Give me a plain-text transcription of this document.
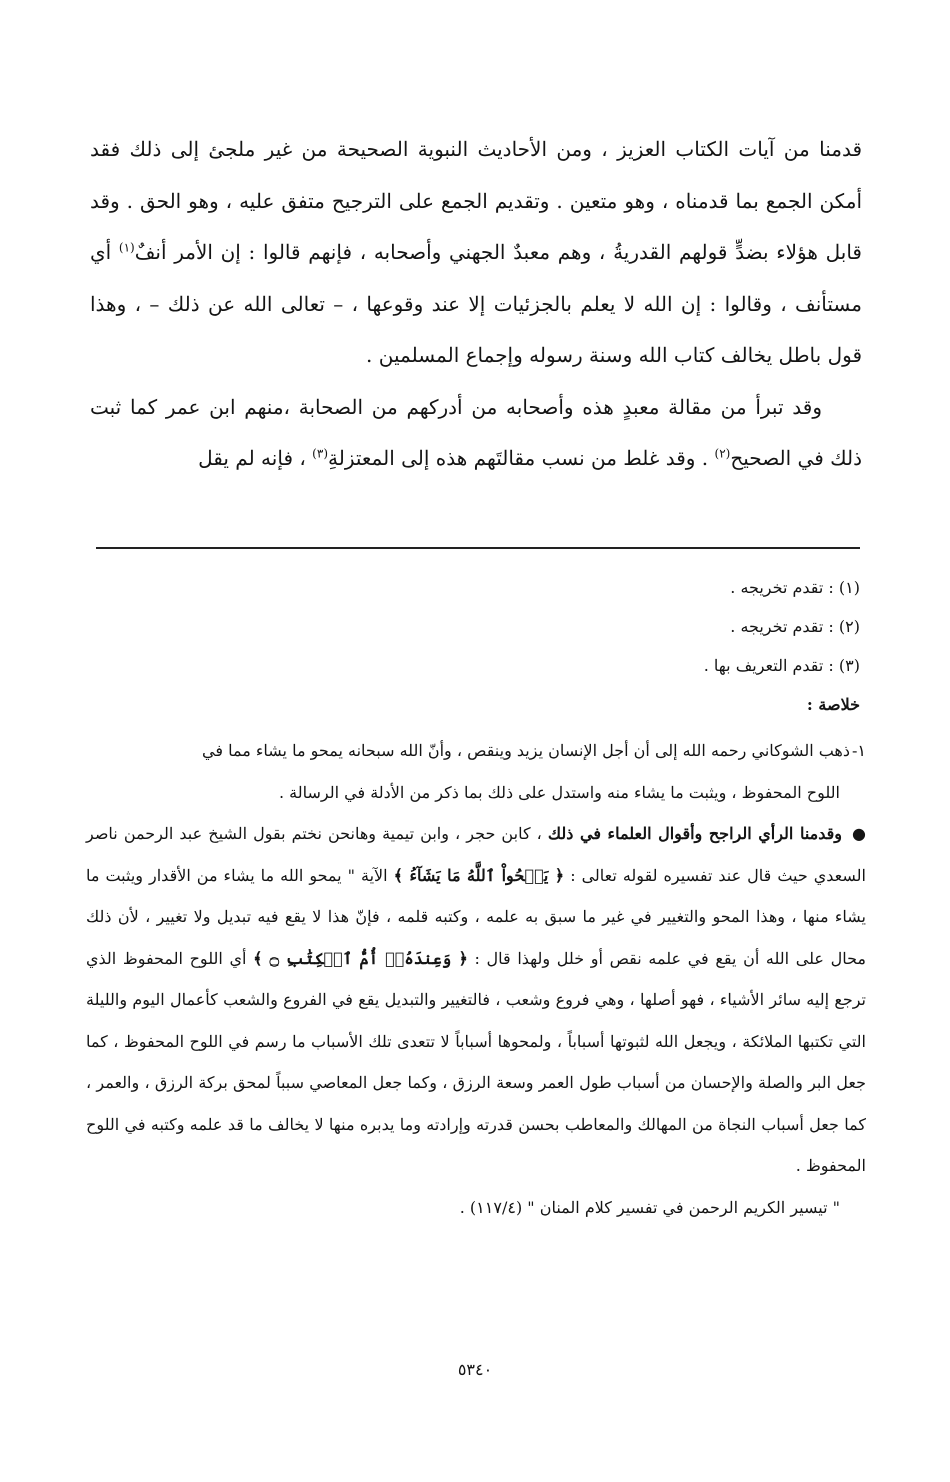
قدمنا من آيات الكتاب العزيز ، ومن الأحاديث النبوية الصحيحة من غير ملجئ إلى ذلك فقد أمكن الجمع بما قدمناه ، وهو متعين . وتقديم الجمع على الترجيح متفق عليه ، وهو الحق . وقد قابل هؤلاء بضدٍّ قولهم القدريةُ ، وهم معبدٌ الجهني وأصحابه ، فإنهم قالوا : إن الأمر أنفٌ$^{(١)}$ أي مستأنف ، وقالوا : إن الله لا يعلم بالجزئيات إلا عند وقوعها ، – تعالى الله عن ذلك – ، وهذا قول باطل يخالف كتاب الله وسنة رسوله وإجماع المسلمين .

وقد تبرأ من مقالة معبدٍ هذه وأصحابه من أدركهم من الصحابة ،منهم ابن عمر كما ثبت ذلك في الصحيح$^{(٢)}$ . وقد غلط من نسب مقالتَهم هذه إلى المعتزلةِ$^{(٣)}$ ، فإنه لم يقل

(١) : تقدم تخريجه .

(٢) : تقدم تخريجه .

(٣) : تقدم التعريف بها .

خلاصة :

١-ذهب الشوكاني رحمه الله إلى أن أجل الإنسان يزيد وينقص ، وأنّ الله سبحانه يمحو ما يشاء مما في
اللوح المحفوظ ، ويثبت ما يشاء منه واستدل على ذلك بما ذكر من الأدلة في الرسالة .

●وقدمنا الرأي الراجح وأقوال العلماء في ذلك ، كابن حجر ، وابن تيمية وهانحن نختم بقول الشيخ عبد الرحمن ناصر السعدي حيث قال عند تفسيره لقوله تعالى : ﴿ يَمۡحُواْ ٱللَّهُ مَا يَشَآءُ ﴾ الآية " يمحو الله ما يشاء من الأقدار ويثبت ما يشاء منها ، وهذا المحو والتغيير في غير ما سبق به علمه ، وكتبه قلمه ، فإنّ هذا لا يقع فيه تبديل ولا تغيير ، لأن ذلك محال على الله أن يقع في علمه نقص أو خلل ولهذا قال : ﴿ وَعِندَهُۥٓ أُمُّ ٱلۡكِتَٰبِ ۝ ﴾ أي اللوح المحفوظ الذي ترجع إليه سائر الأشياء ، فهو أصلها ، وهي فروع وشعب ، فالتغيير والتبديل يقع في الفروع والشعب كأعمال اليوم والليلة التي تكتبها الملائكة ، ويجعل الله لثبوتها أسباباً ، ولمحوها أسباباً لا تتعدى تلك الأسباب ما رسم في اللوح المحفوظ ، كما جعل البر والصلة والإحسان من أسباب طول العمر وسعة الرزق ، وكما جعل المعاصي سبباً لمحق بركة الرزق ، والعمر ، كما جعل أسباب النجاة من المهالك والمعاطب بحسن قدرته وإرادته وما يدبره منها لا يخالف ما قد علمه وكتبه في اللوح المحفوظ .

" تيسير الكريم الرحمن في تفسير كلام المنان " (١١٧/٤) .

٥٣٤٠
